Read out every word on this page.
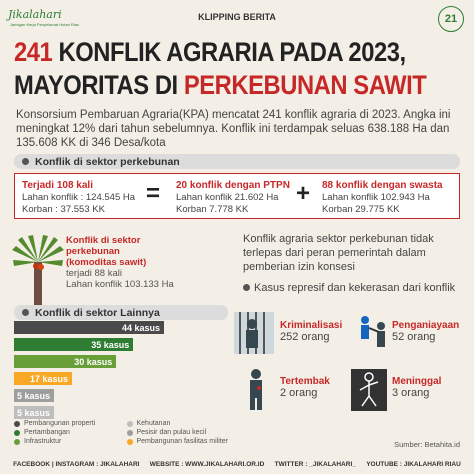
Jikalahari
Jaringan Kerja Penyelamat Hutan Riau
KLIPPING BERITA	21
241 KONFLIK AGRARIA PADA 2023,
MAYORITAS DI PERKEBUNAN SAWIT
Konsorsium Pembaruan Agraria(KPA) mencatat 241 konflik agraria di 2023. Angka ini meningkat 12% dari tahun sebelumnya. Konflik ini terdampak seluas 638.188 Ha dan 135.608 KK di 346 Desa/kota
Konflik di sektor perkebunan
Terjadi 108 kali
Lahan konflik : 124.545 Ha
Korban : 37.553 KK
= 20 konflik dengan PTPN
Lahan konflik 21.602 Ha
Korban 7.778 KK
+ 88 konflik dengan swasta
Lahan konflik 102.943 Ha
Korban 29.775 KK
Konflik di sektor
perkebunan
(komoditas sawit)
terjadi 88 kali
Lahan konflik 103.133 Ha
Konflik di sektor Lainnya
44 kasus
35 kasus
30 kasus
17 kasus
5 kasus
5 kasus
Pembangunan properti	Kehutanan
Pertambangan	Pesisir dan pulau kecil
Infrastruktur	Pembangunan fasilitas militer
Konflik agraria sektor perkebunan tidak terlepas dari peran pemerintah dalam pemberian izin konsesi
Kasus represif dan kekerasan dari konflik
Kriminalisasi
252 orang
Penganiayaan
52 orang
Tertembak
2 orang
Meninggal
3 orang
Sumber: Betahita.id
FACEBOOK | INSTAGRAM : JIKALAHARI WEBSITE : WWW.JIKALAHARI.OR.ID TWITTER : _JIKALAHARI_ YOUTUBE : JIKALAHARI RIAU
